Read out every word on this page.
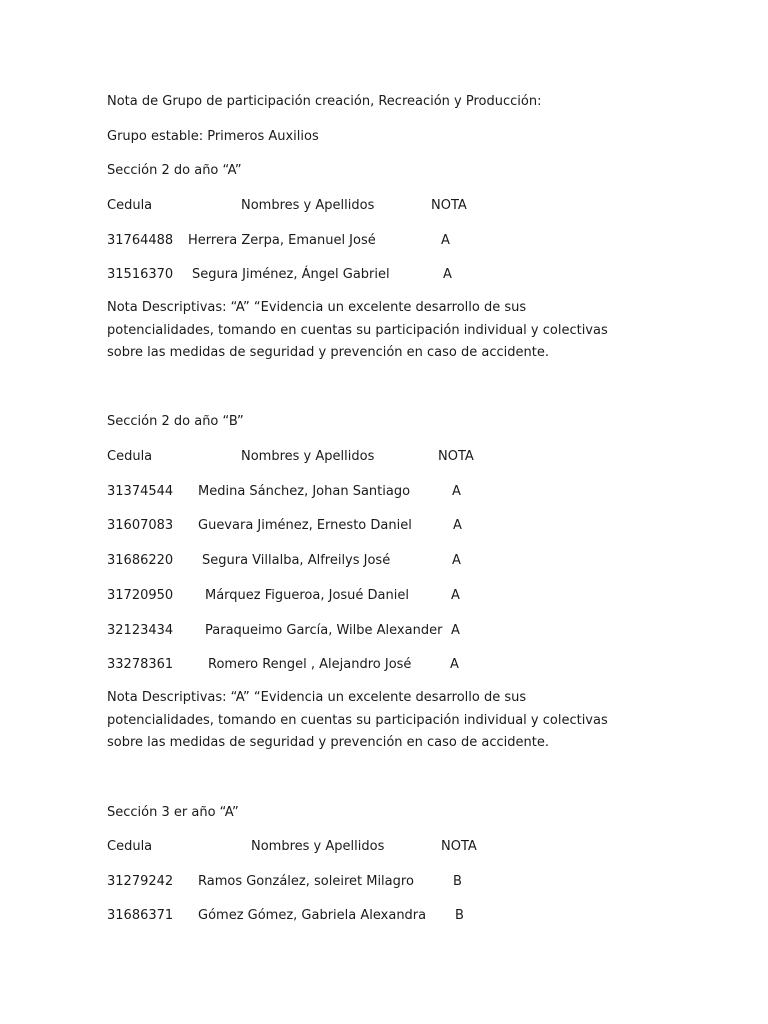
Nota de Grupo de participación creación, Recreación y Producción:
Grupo estable: Primeros Auxilios
Sección 2 do año “A”
Cedula	Nombres y Apellidos	NOTA
31764488 Herrera Zerpa, Emanuel José	A
31516370 Segura Jiménez, Ángel Gabriel	A
Nota Descriptivas: “A” “Evidencia un excelente desarrollo de sus potencialidades, tomando en cuentas su participación individual y colectivas sobre las medidas de seguridad y prevención en caso de accidente.
Sección 2 do año “B”
Cedula	Nombres y Apellidos	NOTA
31374544 Medina Sánchez, Johan Santiago	A
31607083 Guevara Jiménez, Ernesto Daniel	A
31686220 Segura Villalba, Alfreilys José	A
31720950 Márquez Figueroa, Josué Daniel	A
32123434 Paraqueimo García, Wilbe Alexander A
33278361	Romero Rengel , Alejandro José	A
Nota Descriptivas: “A” “Evidencia un excelente desarrollo de sus potencialidades, tomando en cuentas su participación individual y colectivas sobre las medidas de seguridad y prevención en caso de accidente.
Sección 3 er año “A”
Cedula	Nombres y Apellidos	NOTA
31279242 Ramos González, soleiret Milagro	B
31686371 Gómez Gómez, Gabriela Alexandra B
